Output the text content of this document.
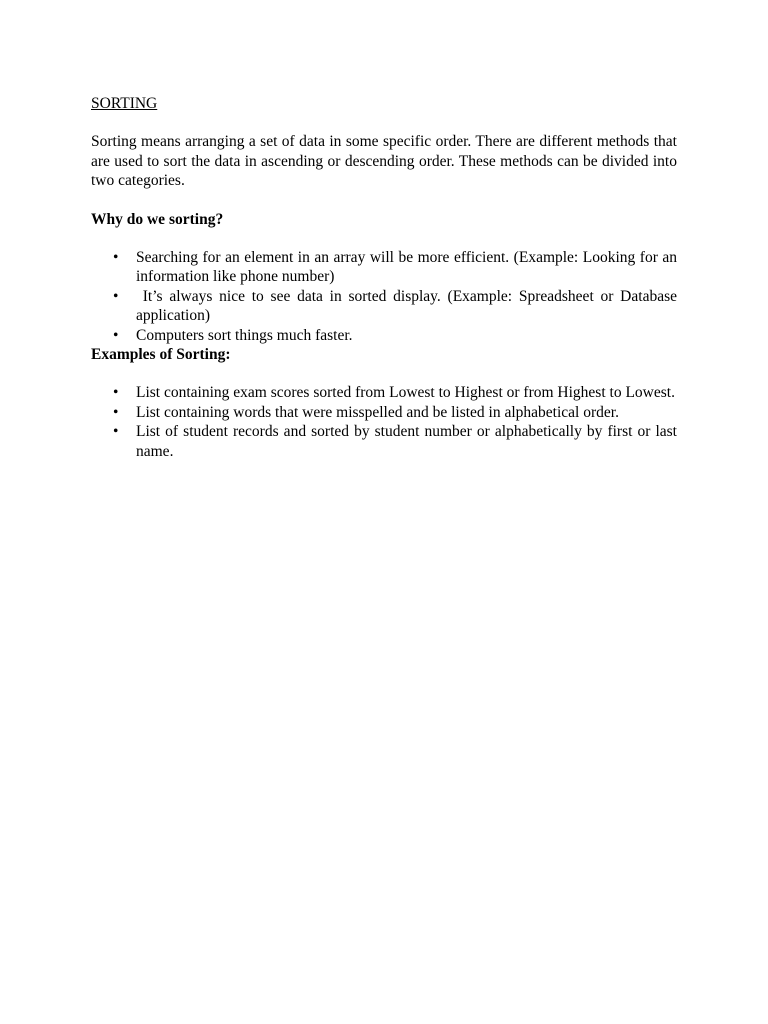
SORTING

Sorting means arranging a set of data in some specific order. There are different methods that are used to sort the data in ascending or descending order. These methods can be divided into two categories.

Why do we sorting?

• Searching for an element in an array will be more efficient. (Example: Looking for an information like phone number)
• It’s always nice to see data in sorted display. (Example: Spreadsheet or Database application)
• Computers sort things much faster.

Examples of Sorting:

• List containing exam scores sorted from Lowest to Highest or from Highest to Lowest.
• List containing words that were misspelled and be listed in alphabetical order.
• List of student records and sorted by student number or alphabetically by first or last name.
